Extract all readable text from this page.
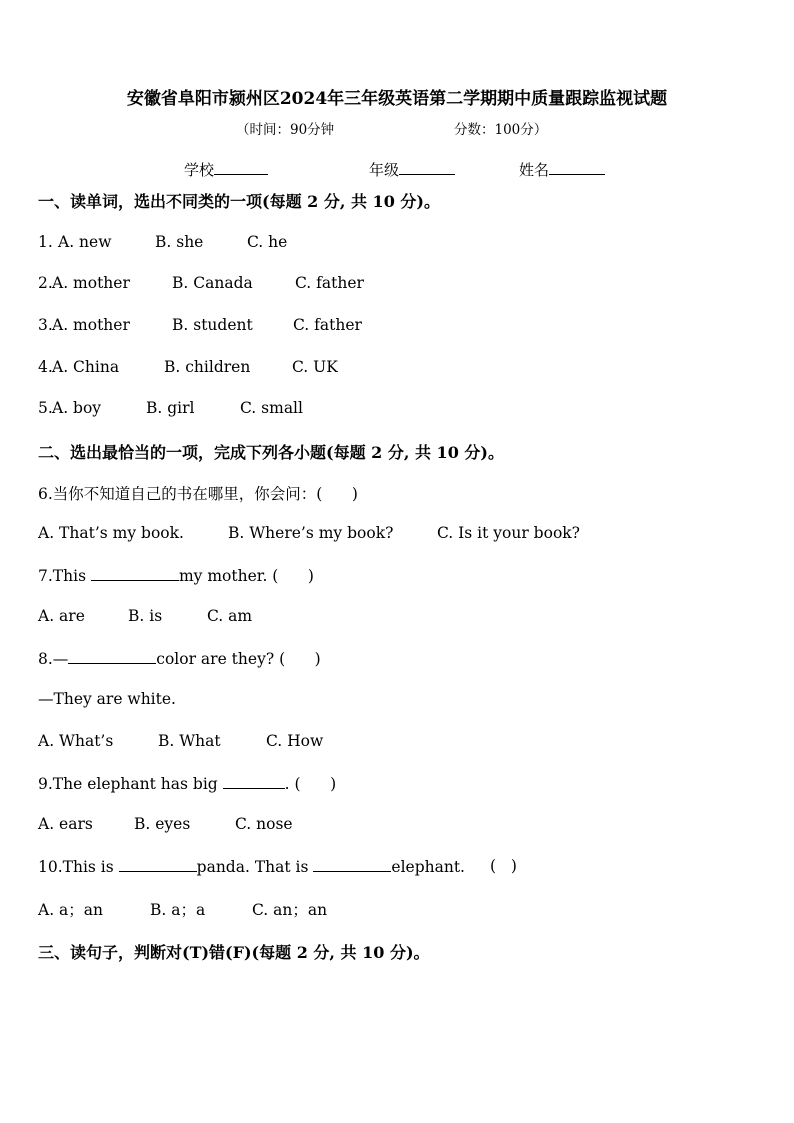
安徽省阜阳市颍州区2024年三年级英语第二学期期中质量跟踪监视试题
（时间：90分钟	分数：100分）
学校	年级	姓名
一、读单词，选出不同类的一项(每题 2 分, 共 10 分)。
1. A. new	B. she	C. he
2. A. mother	B. Canada	C. father
3. A. mother	B. student	C. father
4. A. China	B. children	C. UK
5. A. boy	B. girl	C. small
二、选出最恰当的一项，完成下列各小题(每题 2 分, 共 10 分)。
6.当你不知道自己的书在哪里，你会问：(      )
A. That’s my book.	B. Where’s my book?	C. Is it your book?
7.This	my mother. (      )
A. are	B. is	C. am
8.—	color are they? (      )
—They are white.
A. What’s	B. What	C. How
9.The elephant has big	. (      )
A. ears	B. eyes	C. nose
10.This is	panda. That is	elephant. (   )
A. a；an	B. a；a	C. an；an
三、读句子，判断对(T)错(F)(每题 2 分, 共 10 分)。
